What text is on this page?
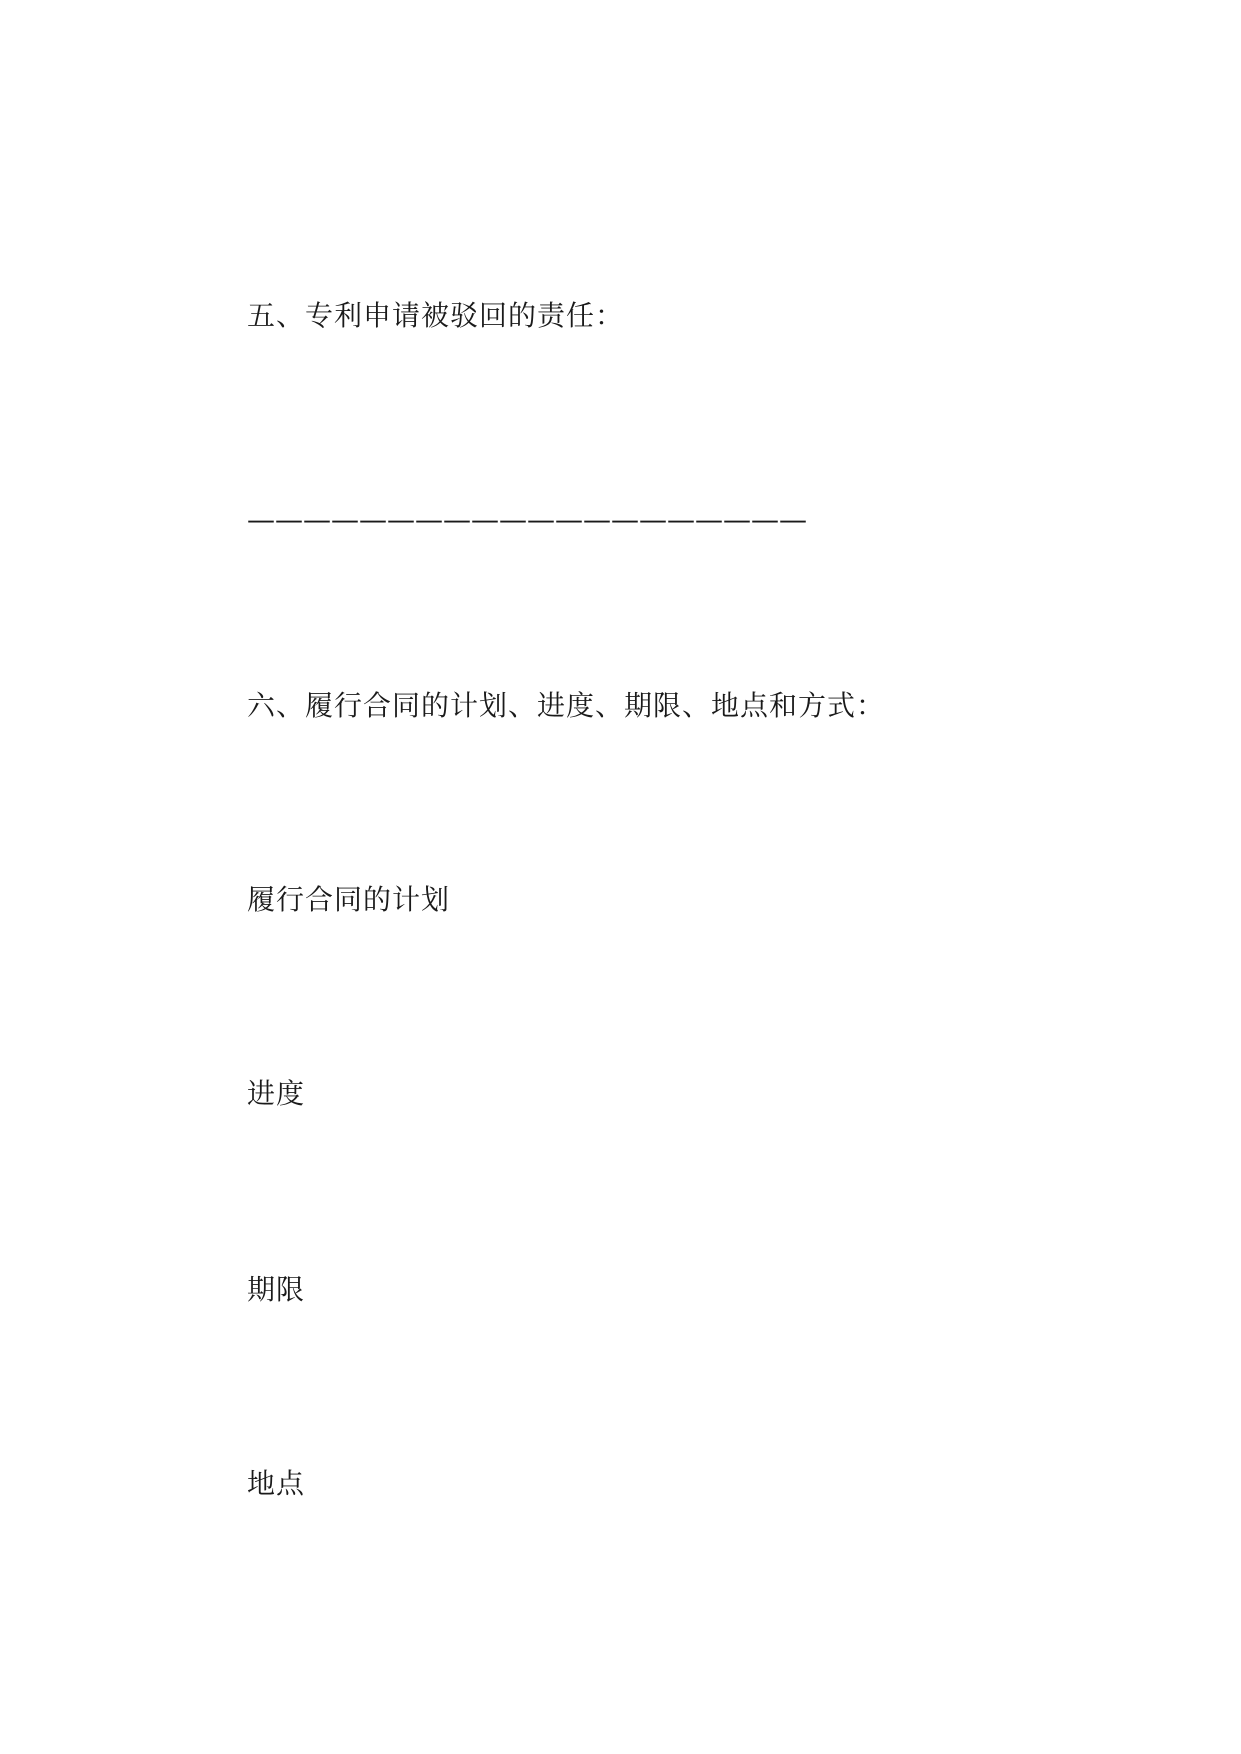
五、专利申请被驳回的责任：
————————————————————
六、履行合同的计划、进度、期限、地点和方式：
履行合同的计划
进度
期限
地点
